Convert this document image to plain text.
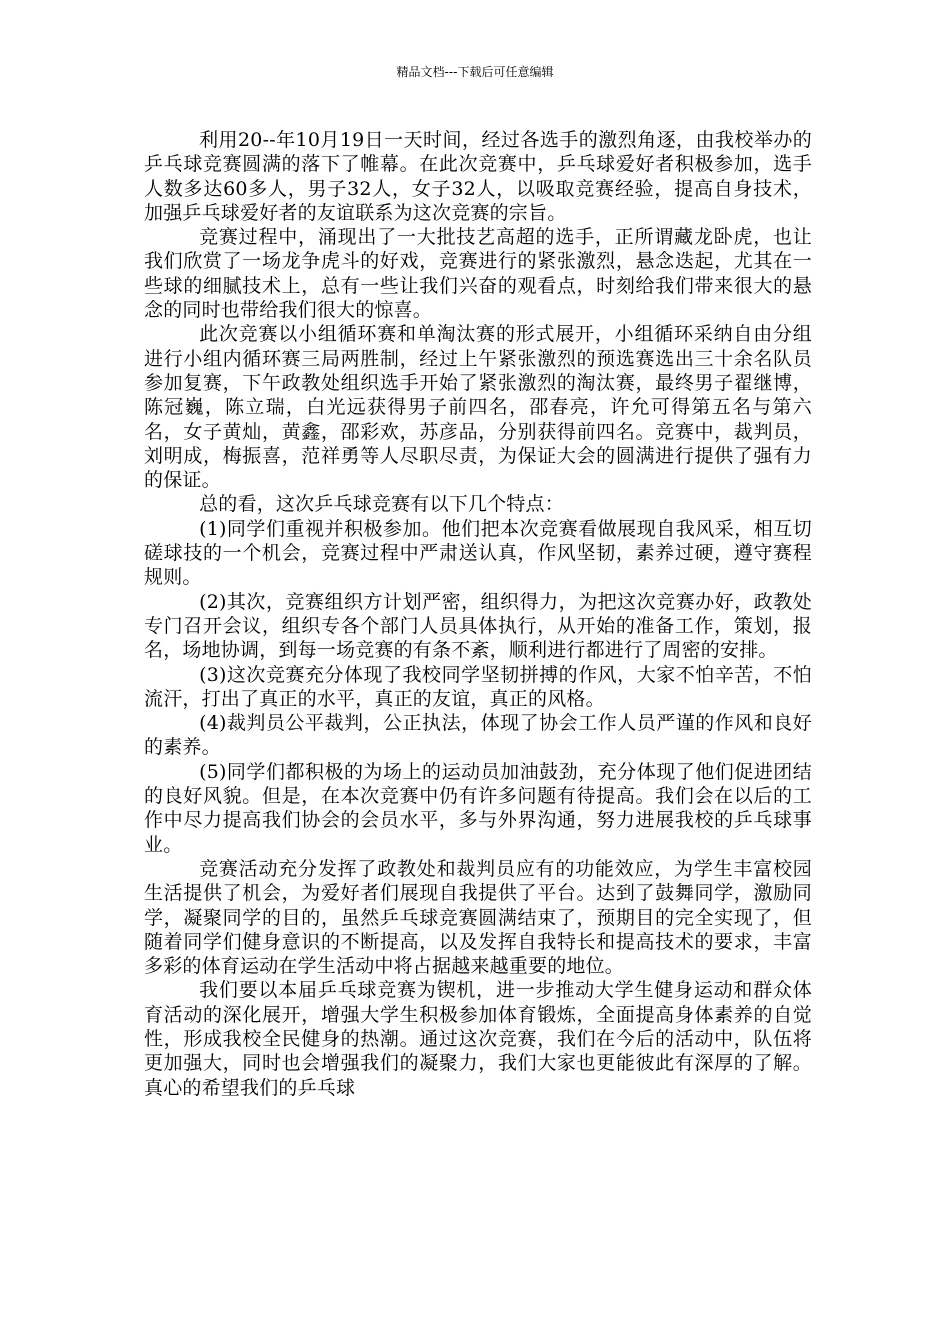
精品文档---下载后可任意编辑

利用20--年10月19日一天时间，经过各选手的激烈角逐，由我校举办的乒乓球竞赛圆满的落下了帷幕。在此次竞赛中，乒乓球爱好者积极参加，选手人数多达60多人，男子32人，女子32人，以吸取竞赛经验，提高自身技术，加强乒乓球爱好者的友谊联系为这次竞赛的宗旨。

竞赛过程中，涌现出了一大批技艺高超的选手，正所谓藏龙卧虎，也让我们欣赏了一场龙争虎斗的好戏，竞赛进行的紧张激烈，悬念迭起，尤其在一些球的细腻技术上，总有一些让我们兴奋的观看点，时刻给我们带来很大的悬念的同时也带给我们很大的惊喜。

此次竞赛以小组循环赛和单淘汰赛的形式展开，小组循环采纳自由分组进行小组内循环赛三局两胜制，经过上午紧张激烈的预选赛选出三十余名队员参加复赛，下午政教处组织选手开始了紧张激烈的淘汰赛，最终男子翟继博，陈冠巍，陈立瑞，白光远获得男子前四名，邵春亮，许允可得第五名与第六名，女子黄灿，黄鑫，邵彩欢，苏彦品，分别获得前四名。竞赛中，裁判员，刘明成，梅振喜，范祥勇等人尽职尽责，为保证大会的圆满进行提供了强有力的保证。

总的看，这次乒乓球竞赛有以下几个特点：

(1)同学们重视并积极参加。他们把本次竞赛看做展现自我风采，相互切磋球技的一个机会，竞赛过程中严肃送认真，作风坚韧，素养过硬，遵守赛程规则。

(2)其次，竞赛组织方计划严密，组织得力，为把这次竞赛办好，政教处专门召开会议，组织专各个部门人员具体执行，从开始的准备工作，策划，报名，场地协调，到每一场竞赛的有条不紊，顺利进行都进行了周密的安排。

(3)这次竞赛充分体现了我校同学坚韧拼搏的作风，大家不怕辛苦，不怕流汗，打出了真正的水平，真正的友谊，真正的风格。

(4)裁判员公平裁判，公正执法，体现了协会工作人员严谨的作风和良好的素养。

(5)同学们都积极的为场上的运动员加油鼓劲，充分体现了他们促进团结的良好风貌。但是，在本次竞赛中仍有许多问题有待提高。我们会在以后的工作中尽力提高我们协会的会员水平，多与外界沟通，努力进展我校的乒乓球事业。

竞赛活动充分发挥了政教处和裁判员应有的功能效应，为学生丰富校园生活提供了机会，为爱好者们展现自我提供了平台。达到了鼓舞同学，激励同学，凝聚同学的目的，虽然乒乓球竞赛圆满结束了，预期目的完全实现了，但随着同学们健身意识的不断提高，以及发挥自我特长和提高技术的要求，丰富多彩的体育运动在学生活动中将占据越来越重要的地位。

我们要以本届乒乓球竞赛为锲机，进一步推动大学生健身运动和群众体育活动的深化展开，增强大学生积极参加体育锻炼，全面提高身体素养的自觉性，形成我校全民健身的热潮。通过这次竞赛，我们在今后的活动中，队伍将更加强大，同时也会增强我们的凝聚力，我们大家也更能彼此有深厚的了解。真心的希望我们的乒乓球
